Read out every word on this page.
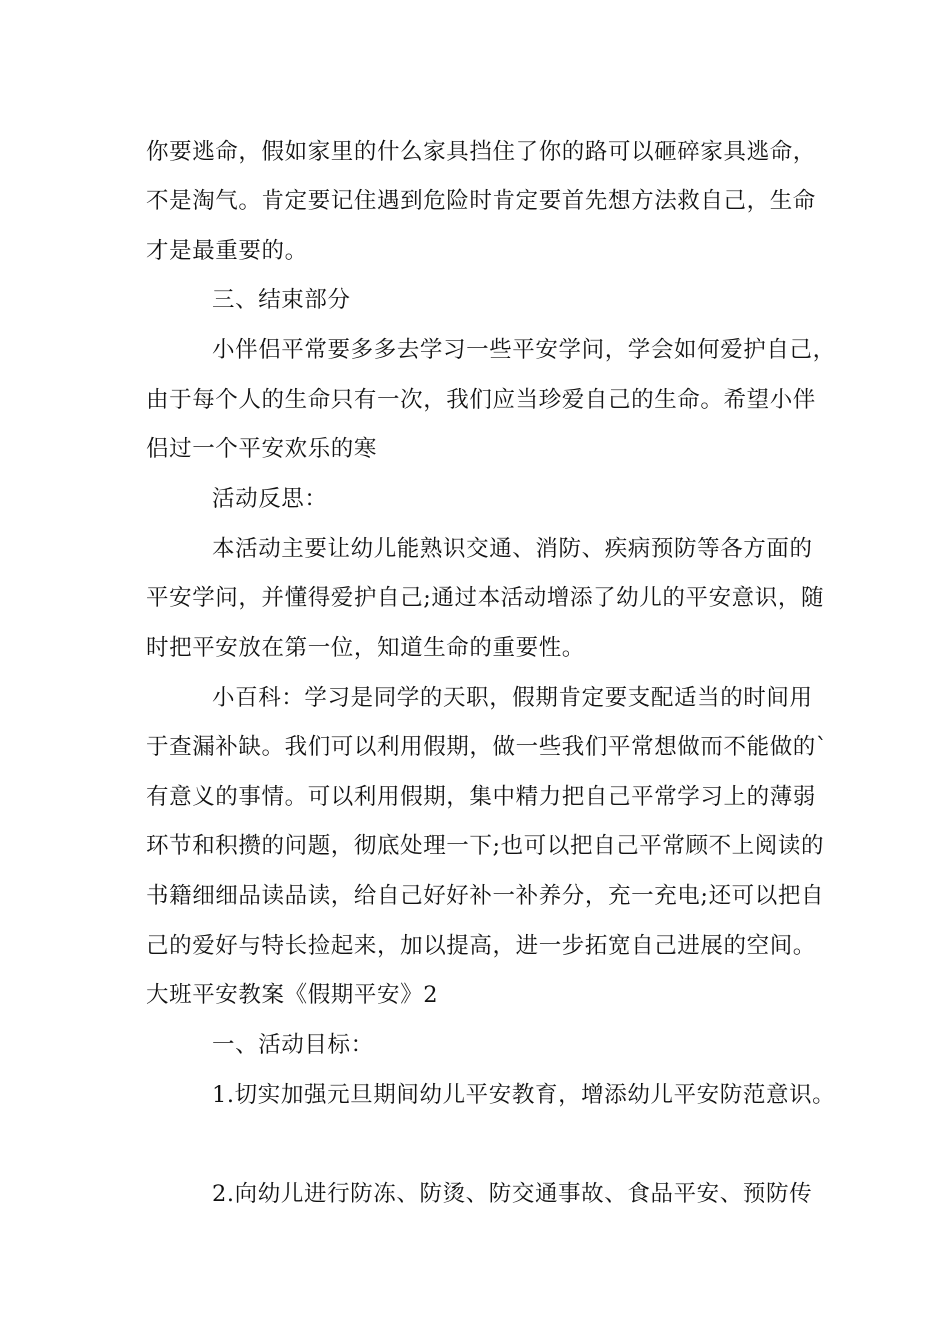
你要逃命，假如家里的什么家具挡住了你的路可以砸碎家具逃命，
不是淘气。肯定要记住遇到危险时肯定要首先想方法救自己，生命
才是最重要的。
三、结束部分
小伴侣平常要多多去学习一些平安学问，学会如何爱护自己，
由于每个人的生命只有一次，我们应当珍爱自己的生命。希望小伴
侣过一个平安欢乐的寒
活动反思：
本活动主要让幼儿能熟识交通、消防、疾病预防等各方面的
平安学问，并懂得爱护自己;通过本活动增添了幼儿的平安意识，随
时把平安放在第一位，知道生命的重要性。
小百科：学习是同学的天职，假期肯定要支配适当的时间用
于查漏补缺。我们可以利用假期，做一些我们平常想做而不能做的`
有意义的事情。可以利用假期，集中精力把自己平常学习上的薄弱
环节和积攒的问题，彻底处理一下;也可以把自己平常顾不上阅读的
书籍细细品读品读，给自己好好补一补养分，充一充电;还可以把自
己的爱好与特长捡起来，加以提高，进一步拓宽自己进展的空间。
大班平安教案《假期平安》2
一、活动目标：
1.切实加强元旦期间幼儿平安教育，增添幼儿平安防范意识。
2.向幼儿进行防冻、防烫、防交通事故、食品平安、预防传
